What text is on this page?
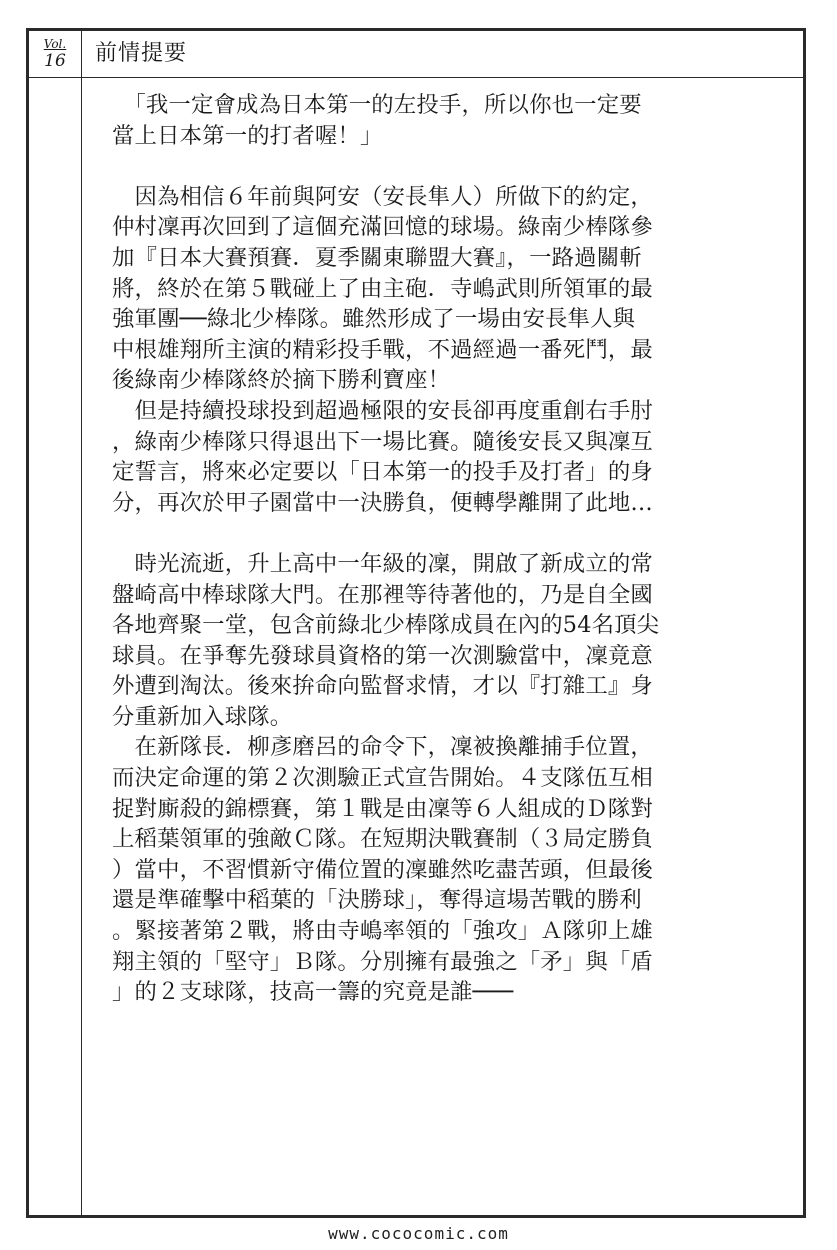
Vol.
16	前情提要

　「我一定會成為日本第一的左投手，所以你也一定要

當上日本第一的打者喔！」

　因為相信６年前與阿安（安長隼人）所做下的約定，

仲村凜再次回到了這個充滿回憶的球場。綠南少棒隊參

加『日本大賽預賽．夏季關東聯盟大賽』，一路過關斬

將，終於在第５戰碰上了由主砲．寺嶋武則所領軍的最

強軍團──綠北少棒隊。雖然形成了一場由安長隼人與

中根雄翔所主演的精彩投手戰，不過經過一番死鬥，最

後綠南少棒隊終於摘下勝利寶座！

　但是持續投球投到超過極限的安長卻再度重創右手肘

，綠南少棒隊只得退出下一場比賽。隨後安長又與凜互

定誓言，將來必定要以「日本第一的投手及打者」的身

分，再次於甲子園當中一決勝負，便轉學離開了此地…

　時光流逝，升上高中一年級的凜，開啟了新成立的常

盤崎高中棒球隊大門。在那裡等待著他的，乃是自全國

各地齊聚一堂，包含前綠北少棒隊成員在內的54名頂尖

球員。在爭奪先發球員資格的第一次測驗當中，凜竟意

外遭到淘汰。後來拚命向監督求情，才以『打雜工』身

分重新加入球隊。

　在新隊長．柳彥磨呂的命令下，凜被換離捕手位置，

而決定命運的第２次測驗正式宣告開始。４支隊伍互相

捉對廝殺的錦標賽，第１戰是由凜等６人組成的Ｄ隊對

上稻葉領軍的強敵Ｃ隊。在短期決戰賽制（３局定勝負

）當中，不習慣新守備位置的凜雖然吃盡苦頭，但最後

還是準確擊中稻葉的「決勝球」，奪得這場苦戰的勝利

。緊接著第２戰，將由寺嶋率領的「強攻」Ａ隊卯上雄

翔主領的「堅守」Ｂ隊。分別擁有最強之「矛」與「盾

」的２支球隊，技高一籌的究竟是誰───

www.cococomic.com
